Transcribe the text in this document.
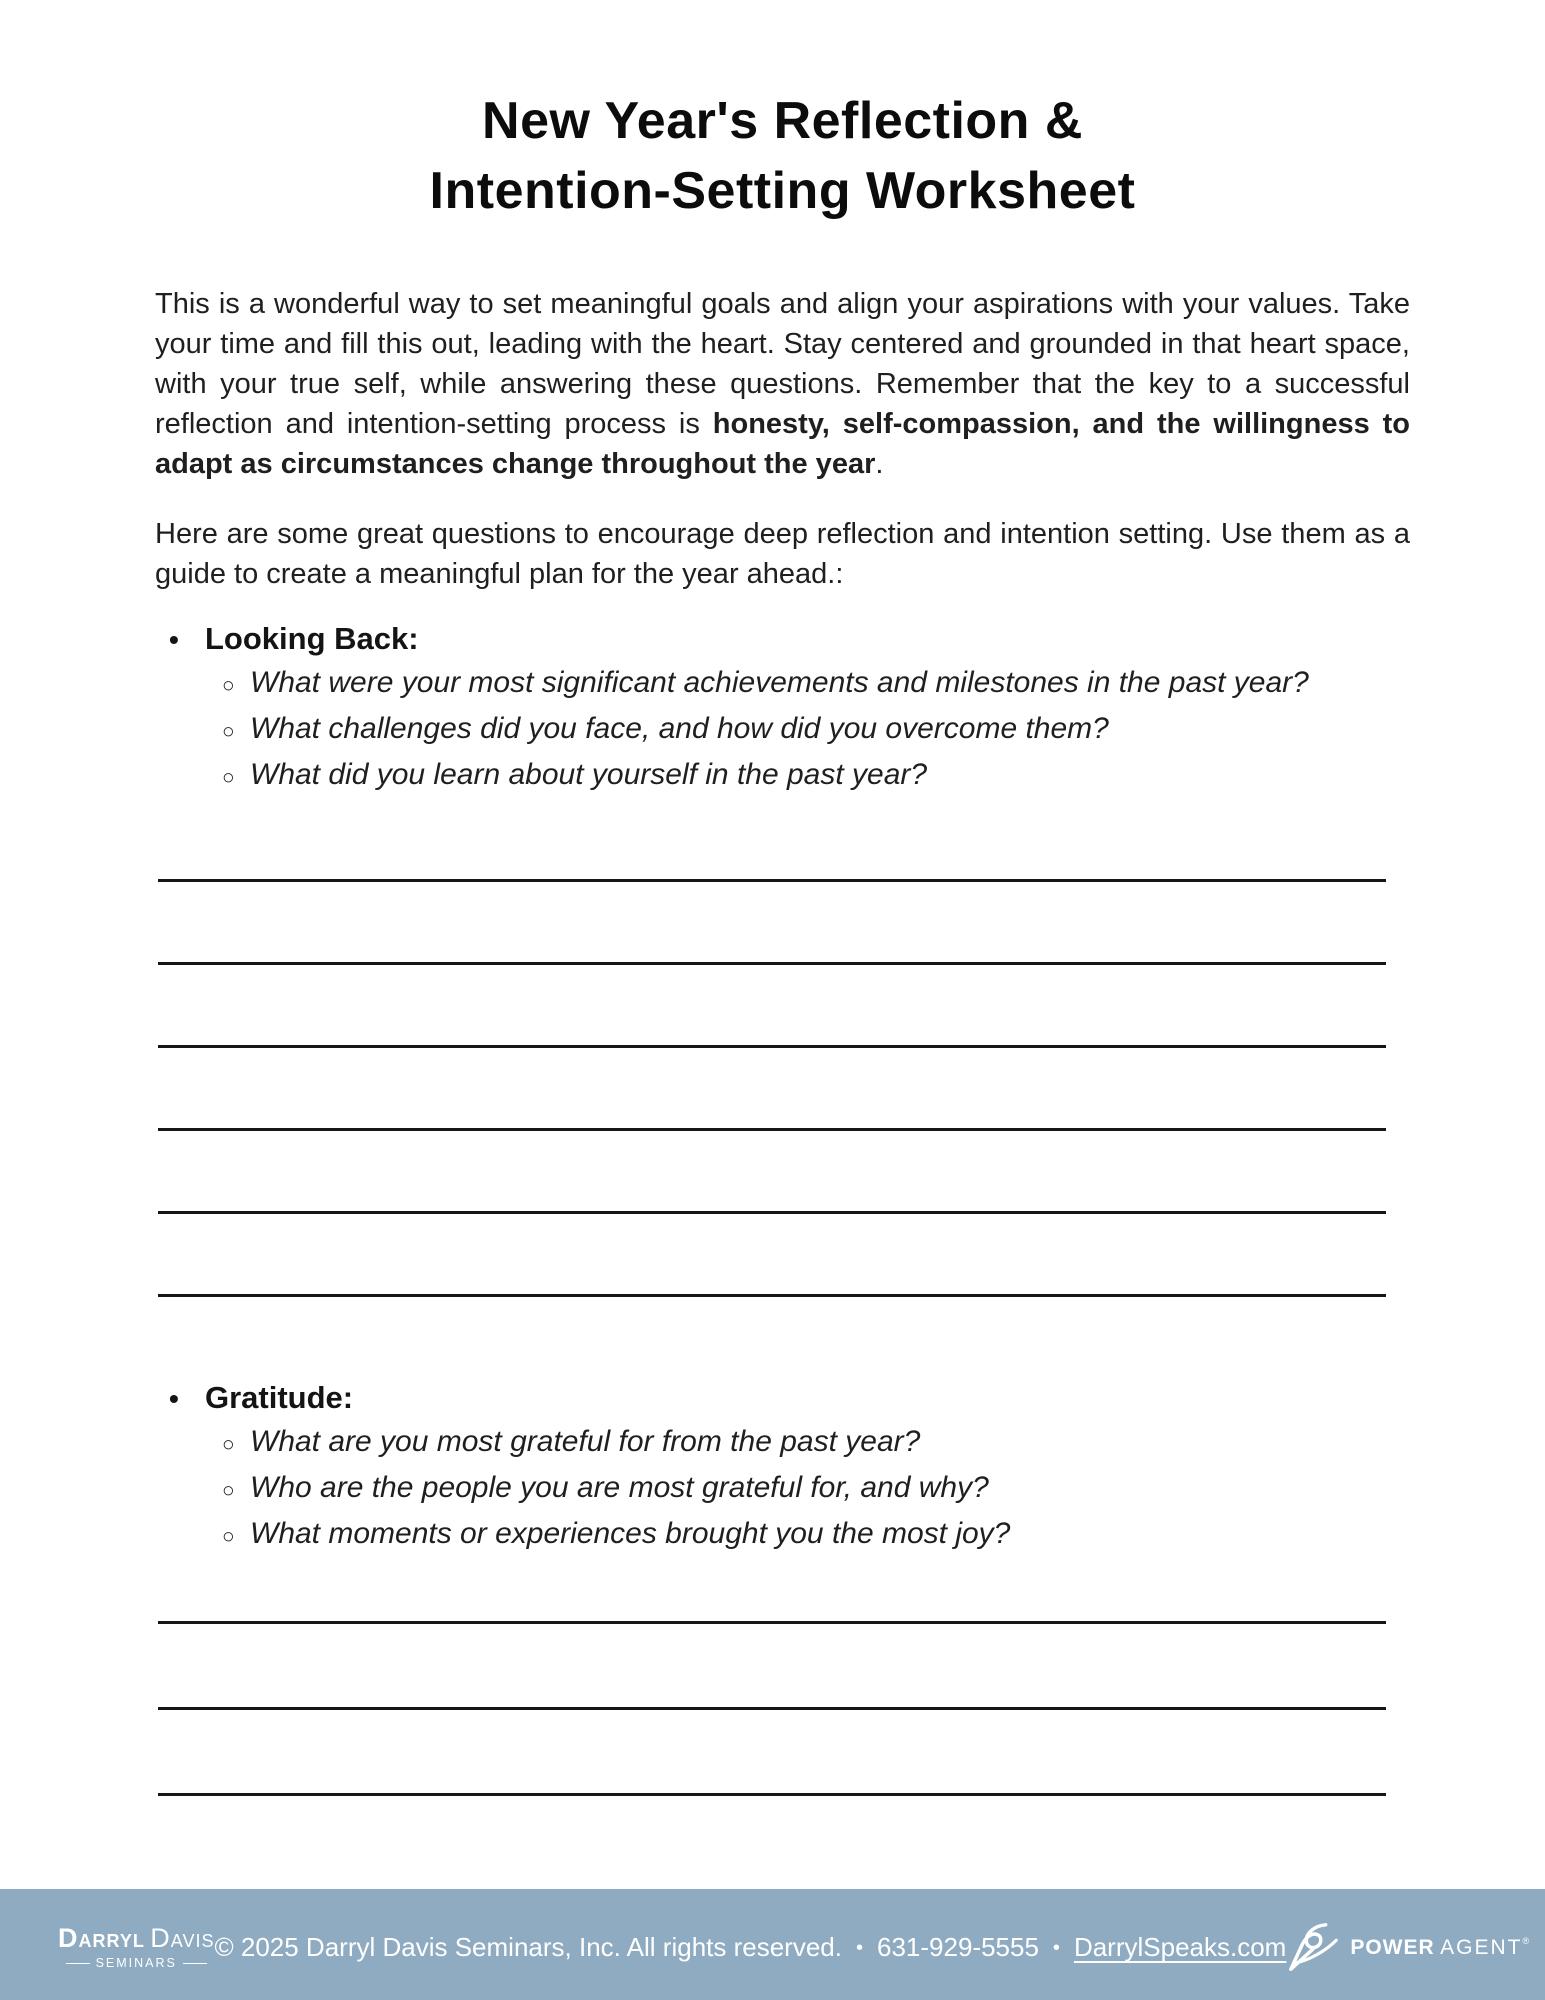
New Year's Reflection &
Intention-Setting Worksheet

This is a wonderful way to set meaningful goals and align your aspirations with your values. Take your time and fill this out, leading with the heart. Stay centered and grounded in that heart space, with your true self, while answering these questions. Remember that the key to a successful reflection and intention-setting process is honesty, self-compassion, and the willingness to adapt as circumstances change throughout the year.

Here are some great questions to encourage deep reflection and intention setting. Use them as a guide to create a meaningful plan for the year ahead.:

• Looking Back:
○ What were your most significant achievements and milestones in the past year?
○ What challenges did you face, and how did you overcome them?
○ What did you learn about yourself in the past year?
• Gratitude:
○ What are you most grateful for from the past year?
○ Who are the people you are most grateful for, and why?
○ What moments or experiences brought you the most joy?
DARRYL DAVIS
SEMINARS
© 2025 Darryl Davis Seminars, Inc. All rights reserved. • 631-929-5555 • DarrylSpeaks.com	POWER AGENT®
